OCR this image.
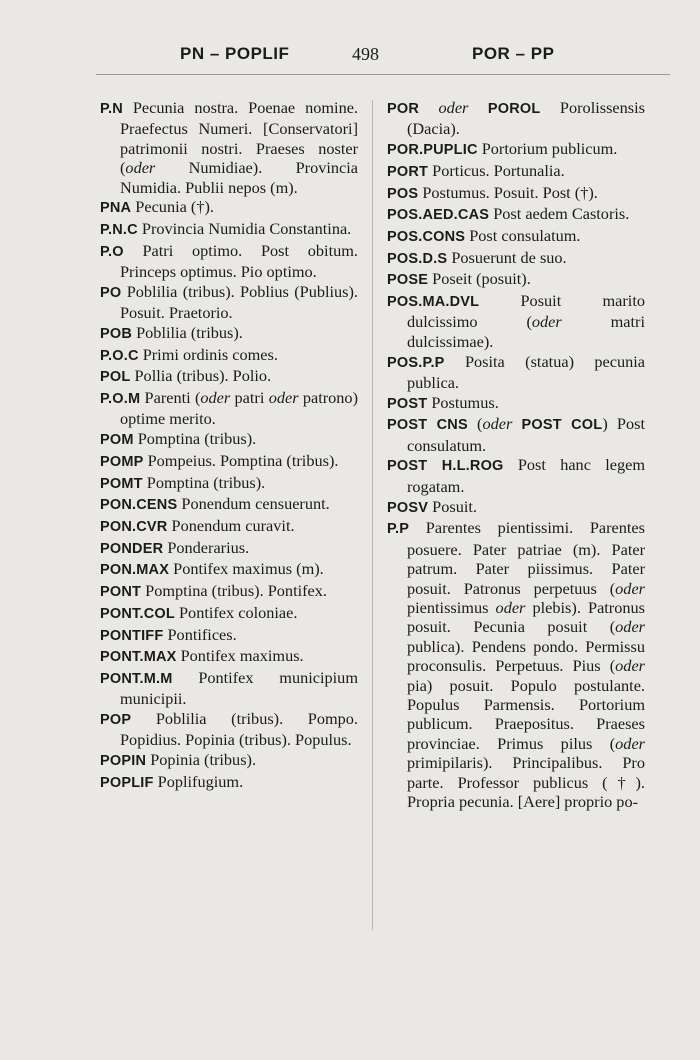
PN – POPLIF	498	POR – PP

P.N Pecunia nostra. Poenae nomine. Praefectus Numeri. [Conservatori] patrimonii nostri. Praeses noster (oder Numidiae). Provincia Numidia. Publii nepos (m).

PNA Pecunia (†).

P.N.C Provincia Numidia Constantina.

P.O Patri optimo. Post obitum. Princeps optimus. Pio optimo.

PO Poblilia (tribus). Poblius (Publius). Posuit. Praetorio.

POB Poblilia (tribus).

P.O.C Primi ordinis comes.

POL Pollia (tribus). Polio.

P.O.M Parenti (oder patri oder patrono) optime merito.

POM Pomptina (tribus).

POMP Pompeius. Pomptina (tribus).

POMT Pomptina (tribus).

PON.CENS Ponendum censuerunt.

PON.CVR Ponendum curavit.

PONDER Ponderarius.

PON.MAX Pontifex maximus (m).

PONT Pomptina (tribus). Pontifex.

PONT.COL Pontifex coloniae.

PONTIFF Pontifices.

PONT.MAX Pontifex maximus.

PONT.M.M Pontifex municipium municipii.

POP Poblilia (tribus). Pompo. Popidius. Popinia (tribus). Populus.

POPIN Popinia (tribus).

POPLIF Poplifugium.

POR oder POROL Porolissensis (Dacia).

POR.PUPLIC Portorium publicum.

PORT Porticus. Portunalia.

POS Postumus. Posuit. Post (†).

POS.AED.CAS Post aedem Castoris.

POS.CONS Post consulatum.

POS.D.S Posuerunt de suo.

POSE Poseit (posuit).

POS.MA.DVL	Posuit marito dulcissimo (oder matri dulcissimae).

POS.P.P Posita (statua) pecunia publica.

POST Postumus.

POST CNS (oder POST COL) Post consulatum.

POST H.L.ROG Post hanc legem rogatam.

POSV Posuit.

P.P Parentes pientissimi. Parentes posuere. Pater patriae (m). Pater patrum. Pater piissimus. Pater posuit. Patronus perpetuus (oder pientissimus oder plebis). Patronus posuit. Pecunia posuit (oder publica). Pendens pondo. Permissu proconsulis. Perpetuus. Pius (oder pia) posuit. Populo postulante. Populus Parmensis. Portorium publicum. Praepositus. Praeses provinciae. Primus pilus (oder primipilaris). Principalibus. Pro parte. Professor publicus (†). Propria pecunia. [Aere] proprio po-
